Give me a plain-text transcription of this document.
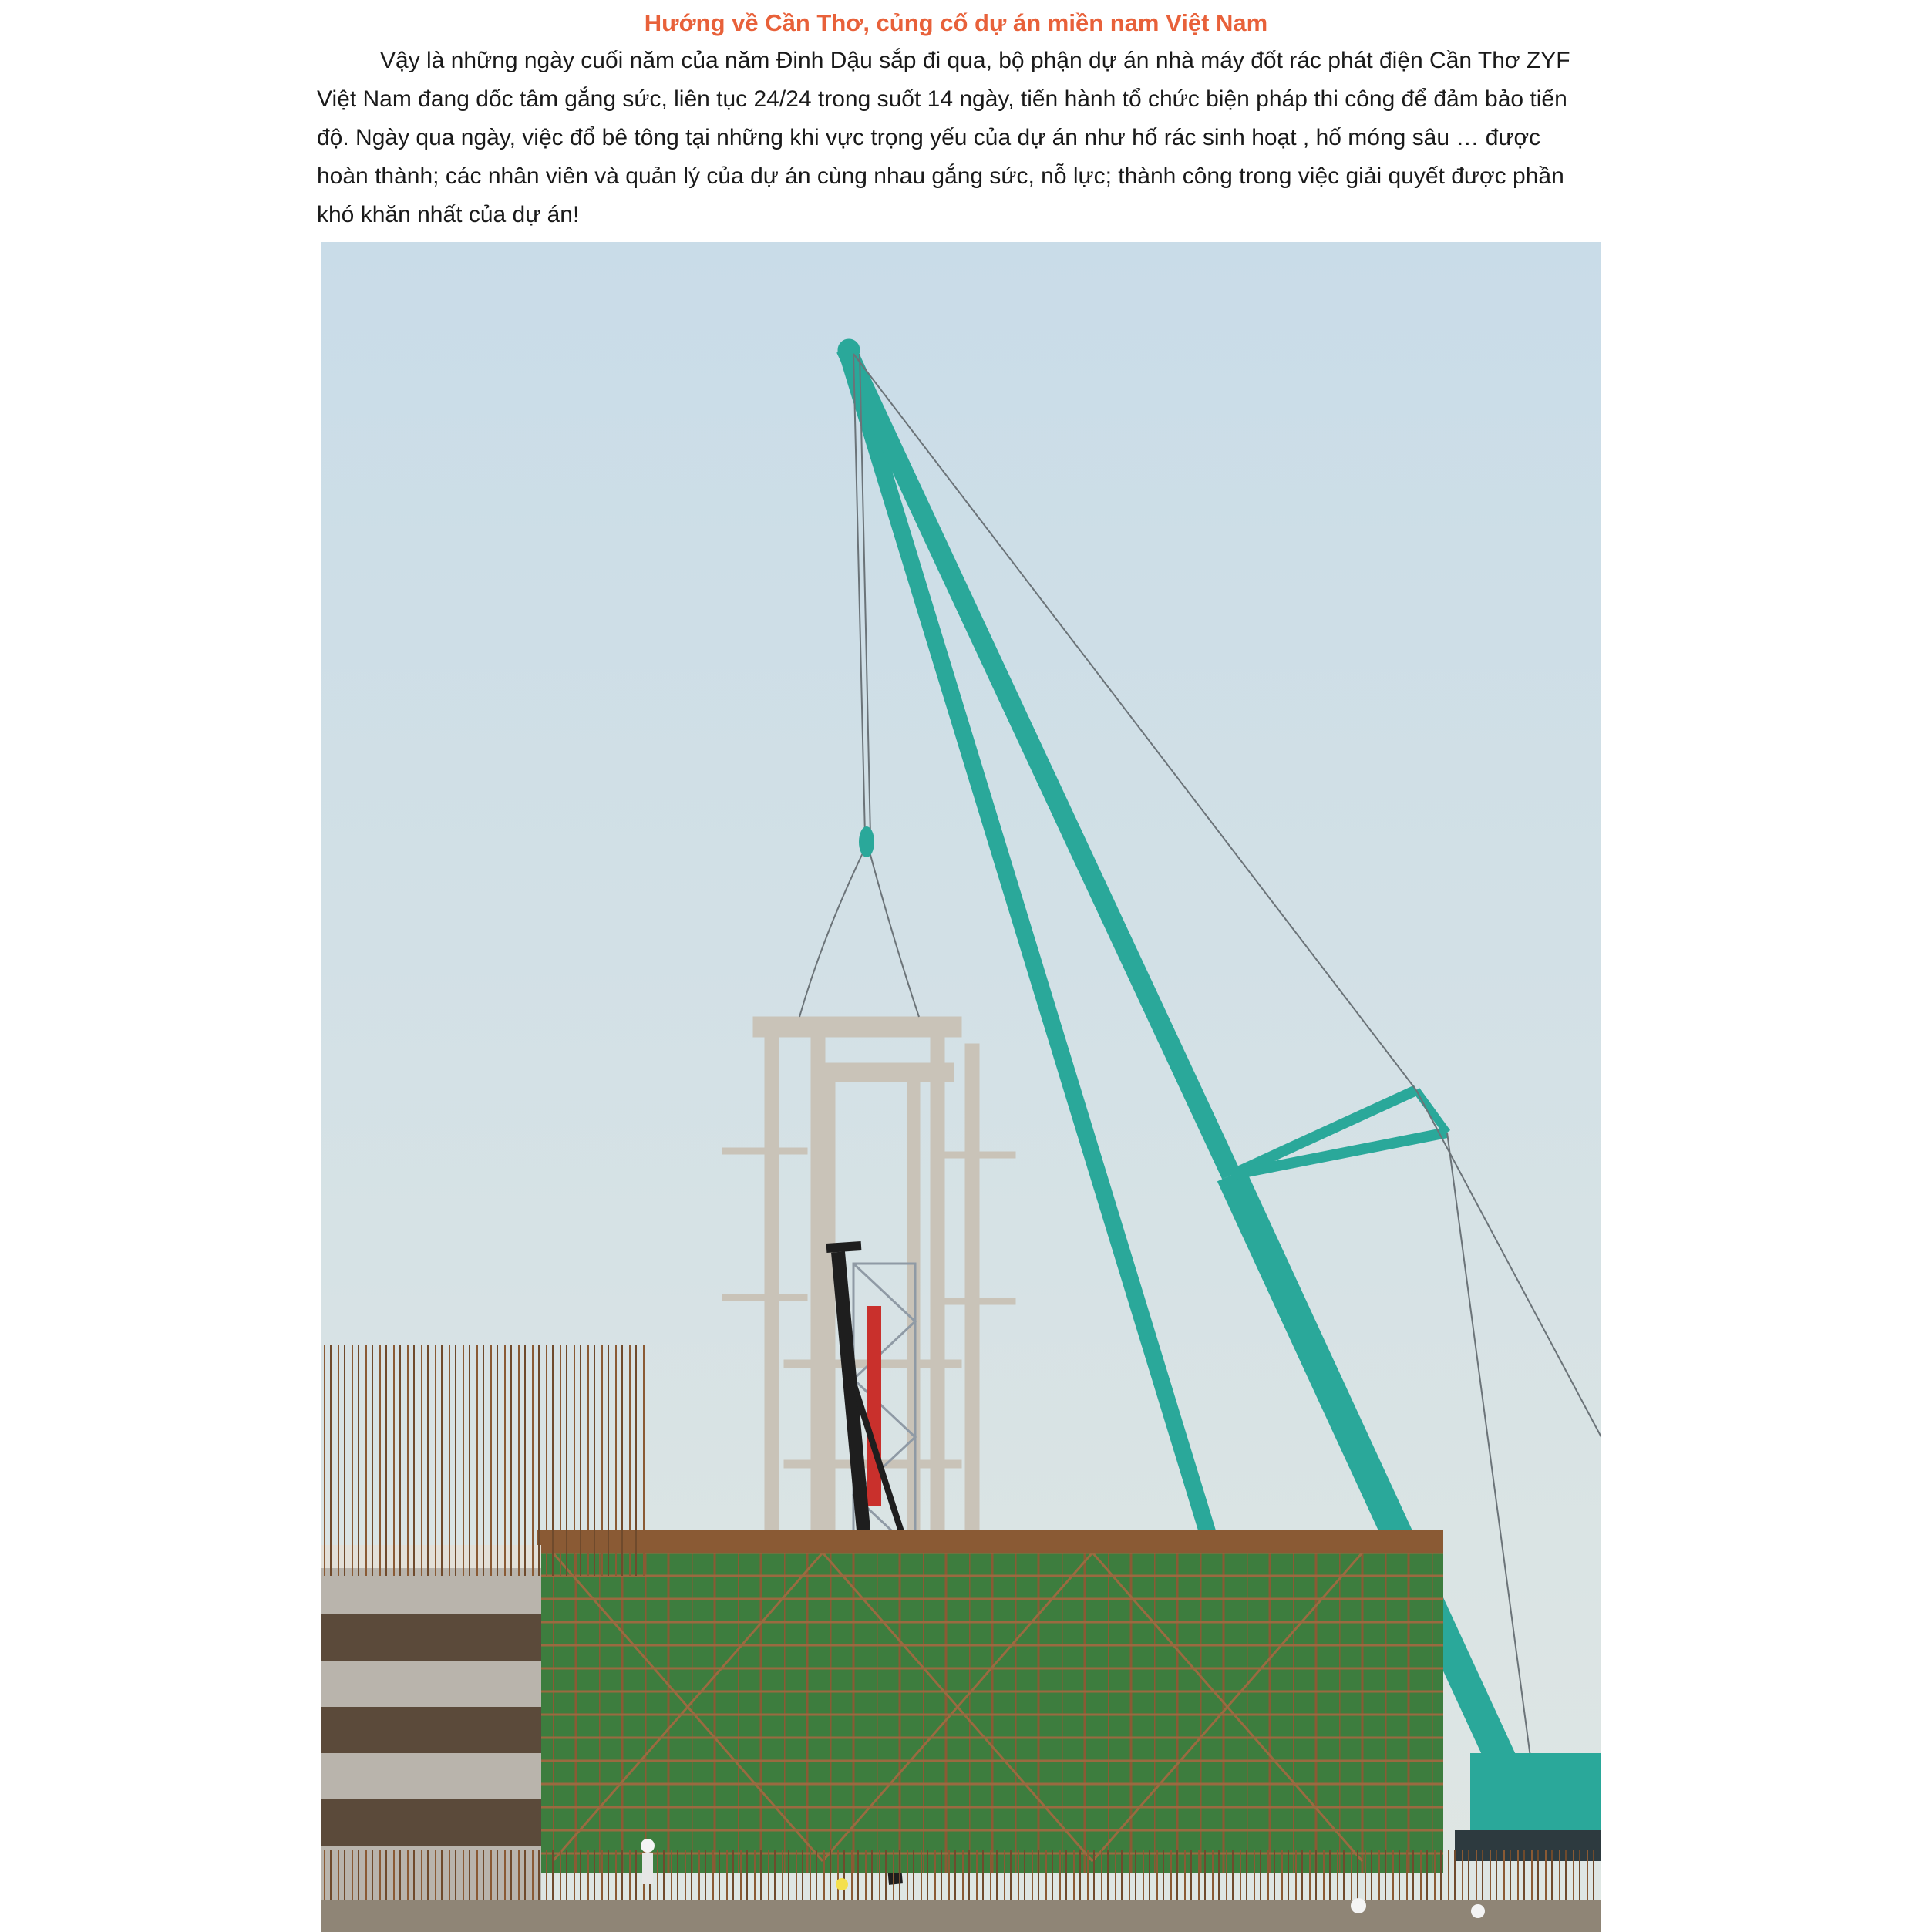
Hướng về Cần Thơ, củng cố dự án miền nam Việt Nam

Vậy là những ngày cuối năm của năm Đinh Dậu sắp đi qua, bộ phận dự án nhà máy đốt rác phát điện Cần Thơ ZYF Việt Nam đang dốc tâm gắng sức, liên tục 24/24 trong suốt 14 ngày, tiến hành tổ chức biện pháp thi công để đảm bảo tiến độ. Ngày qua ngày, việc đổ bê tông tại những khi vực trọng yếu của dự án như hố rác sinh hoạt , hố móng sâu … được hoàn thành; các nhân viên và quản lý của dự án cùng nhau gắng sức, nỗ lực; thành công trong việc giải quyết được phần khó khăn nhất của dự án!
